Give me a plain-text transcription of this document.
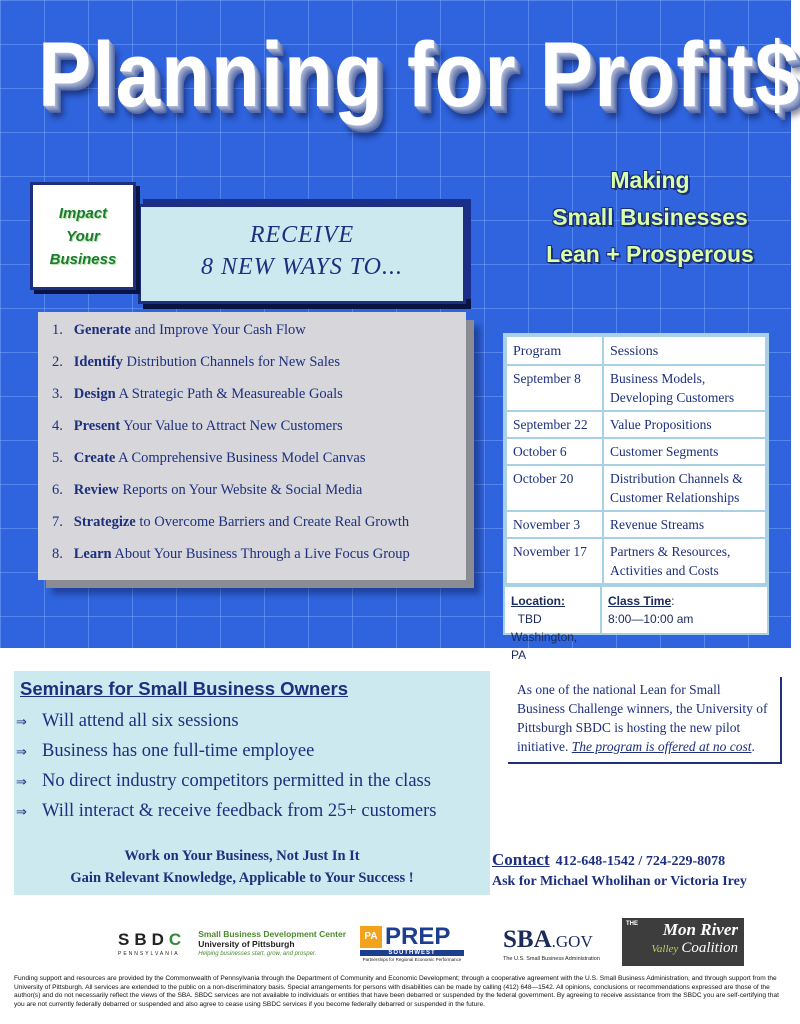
Planning for Profit$
Making
Small Businesses
Lean + Prosperous
Impact
Your
Business
RECEIVE
8 NEW WAYS TO...
1. Generate and Improve Your Cash Flow
2. Identify Distribution Channels for New Sales
3. Design A Strategic Path & Measureable Goals
4. Present Your Value to Attract New Customers
5. Create A Comprehensive Business Model Canvas
6. Review Reports on Your Website & Social Media
7. Strategize to Overcome Barriers and Create Real Growth
8. Learn About Your Business Through a Live Focus Group
Program	Sessions
September 8	Business Models, Developing Customers
September 22	Value Propositions
October 6	Customer Segments
October 20	Distribution Channels & Customer Relationships
November 3	Revenue Streams
November 17	Partners & Resources, Activities and Costs
Location:   TBD
Washington, PA
Class Time:
8:00—10:00 am
Seminars for Small Business Owners
⇒ Will attend all six sessions
⇒ Business has one full-time employee
⇒ No direct industry competitors permitted in the class
⇒ Will interact & receive feedback from 25+ customers
Work on Your Business, Not Just In It
Gain Relevant Knowledge, Applicable to Your Success !
As one of the national Lean for Small Business Challenge winners, the University of Pittsburgh SBDC is hosting the new pilot initiative. The program is offered at no cost.
Contact 412-648-1542 / 724-229-8078
Ask for Michael Wholihan or Victoria Irey
SBDC
PENNSYLVANIA
Small Business Development Center
University of Pittsburgh
Helping businesses start, grow, and prosper.
PA PREP
SOUTHWEST
Partnerships for Regional Economic Performance
SBA.GOV
The U.S. Small Business Administration
THE	Mon River
Valley Coalition
Funding support and resources are provided by the Commonwealth of Pennsylvania through the Department of Community and Economic Development; through a cooperative agreement with the U.S. Small Business Administration, and through support from the University of Pittsburgh. All services are extended to the public on a non-discriminatory basis. Special arrangements for persons with disabilities can be made by calling (412) 648—1542. All opinions, conclusions or recommendations expressed are those of the author(s) and do not necessarily reflect the views of the SBA. SBDC services are not available to individuals or entities that have been debarred or suspended by the federal government. By agreeing to receive assistance from the SBDC you are self-certifying that you are not currently federally debarred or suspended and also agree to cease using SBDC services if you become federally debarred or suspended in the future.
